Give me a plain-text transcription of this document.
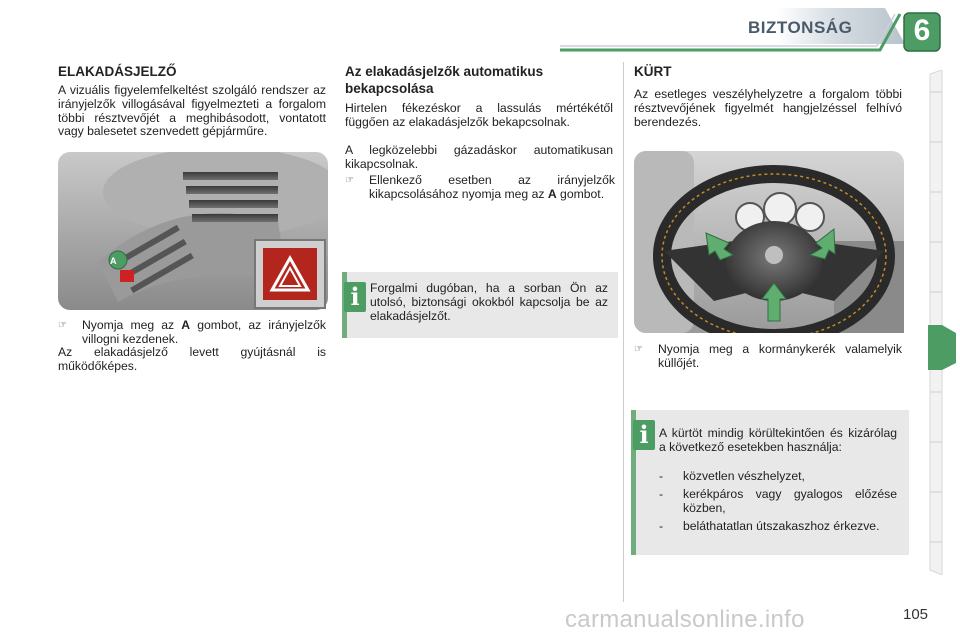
BIZTONSÁG	6
ELAKADÁSJELZŐ

A vizuális figyelemfelkeltést szolgáló rendszer az irányjelzők villogásával figyelmezteti a forgalom többi résztvevőjét a meghibásodott, vontatott vagy balesetet szenvedett gépjárműre.

A
☞ Nyomja meg az A gombot, az irányjelzők villogni kezdenek.

Az elakadásjelző levett gyújtásnál is működőképes.

Az elakadásjelzők automatikus bekapcsolása

Hirtelen fékezéskor a lassulás mértékétől függően az elakadásjelzők bekapcsolnak.

A legközelebbi gázadáskor automatikusan kikapcsolnak.

☞ Ellenkező esetben az irányjelzők kikapcsolásához nyomja meg az A gombot.
i Forgalmi dugóban, ha a sorban Ön az utolsó, biztonsági okokból kapcsolja be az elakadásjelzőt.

KÜRT

Az esetleges veszélyhelyzetre a forgalom többi résztvevőjének figyelmét hangjelzéssel felhívó berendezés.

☞ Nyomja meg a kormánykerék valamelyik küllőjét.
i A kürtöt mindig körültekintően és kizárólag a következő esetekben használja:

- közvetlen vészhelyzet,
- kerékpáros vagy gyalogos előzése közben,
- beláthatatlan útszakaszhoz érkezve.
carmanualsonline.info	105
